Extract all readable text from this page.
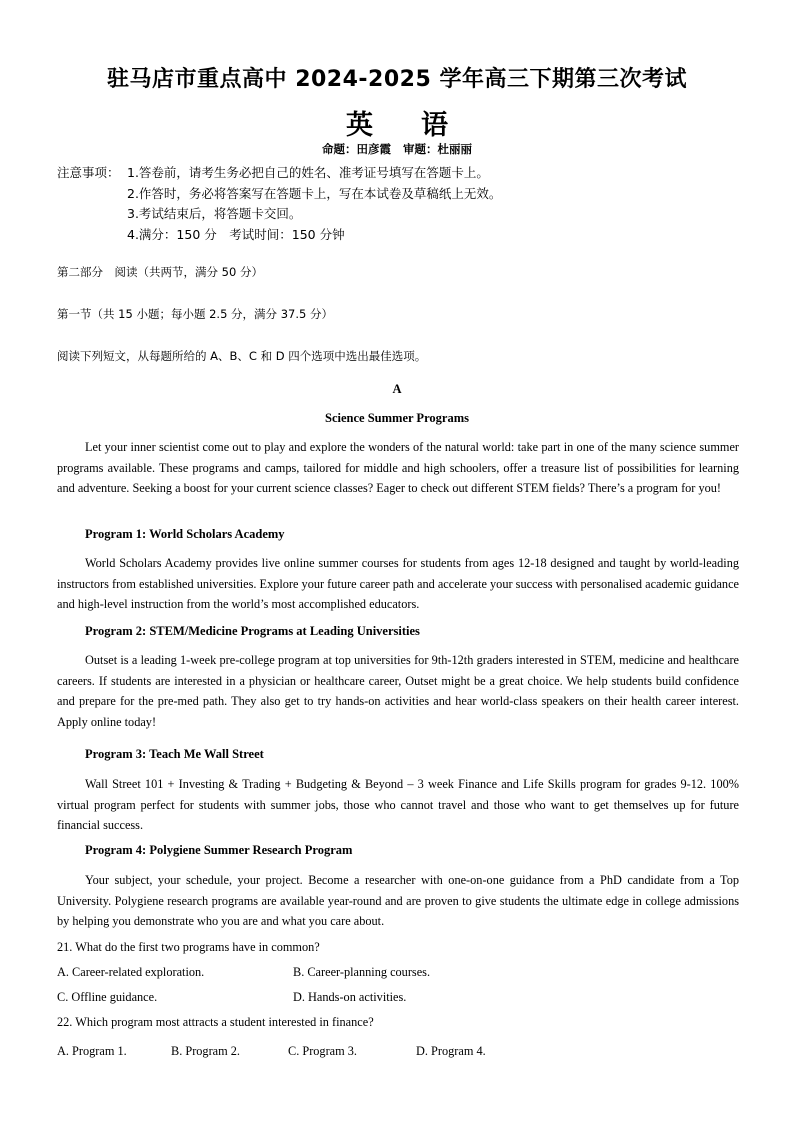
驻马店市重点高中 2024-2025 学年高三下期第三次考试
英语
命题：田彦霞 审题：杜丽丽
注意事项： 1.答卷前，请考生务必把自己的姓名、准考证号填写在答题卡上。
2.作答时，务必将答案写在答题卡上，写在本试卷及草稿纸上无效。
3.考试结束后，将答题卡交回。
4.满分：150 分　考试时间：150 分钟
第二部分　阅读（共两节，满分 50 分）
第一节（共 15 小题；每小题 2.5 分，满分 37.5 分）
阅读下列短文，从每题所给的 A、B、C 和 D 四个选项中选出最佳选项。
A
Science Summer Programs

Let your inner scientist come out to play and explore the wonders of the natural world: take part in one of the many science summer programs available. These programs and camps, tailored for middle and high schoolers, offer a treasure list of possibilities for learning and adventure. Seeking a boost for your current science classes? Eager to check out different STEM fields? There’s a program for you!

Program 1: World Scholars Academy

World Scholars Academy provides live online summer courses for students from ages 12-18 designed and taught by world-leading instructors from established universities. Explore your future career path and accelerate your success with personalised academic guidance and high-level instruction from the world’s most accomplished educators.

Program 2: STEM/Medicine Programs at Leading Universities

Outset is a leading 1-week pre-college program at top universities for 9th-12th graders interested in STEM, medicine and healthcare careers. If students are interested in a physician or healthcare career, Outset might be a great choice. We help students build confidence and prepare for the pre-med path. They also get to try hands-on activities and hear world-class speakers on their health career interest. Apply online today!

Program 3: Teach Me Wall Street

Wall Street 101 + Investing & Trading + Budgeting & Beyond – 3 week Finance and Life Skills program for grades 9-12. 100% virtual program perfect for students with summer jobs, those who cannot travel and those who want to get themselves up for future financial success.

Program 4: Polygiene Summer Research Program

Your subject, your schedule, your project. Become a researcher with one-on-one guidance from a PhD candidate from a Top University. Polygiene research programs are available year-round and are proven to give students the ultimate edge in college admissions by helping you demonstrate who you are and what you care about.

21. What do the first two programs have in common?
A. Career-related exploration.	B. Career-planning courses.
C. Offline guidance.	D. Hands-on activities.
22. Which program most attracts a student interested in finance?
A. Program 1.	B. Program 2.	C. Program 3.	D. Program 4.
